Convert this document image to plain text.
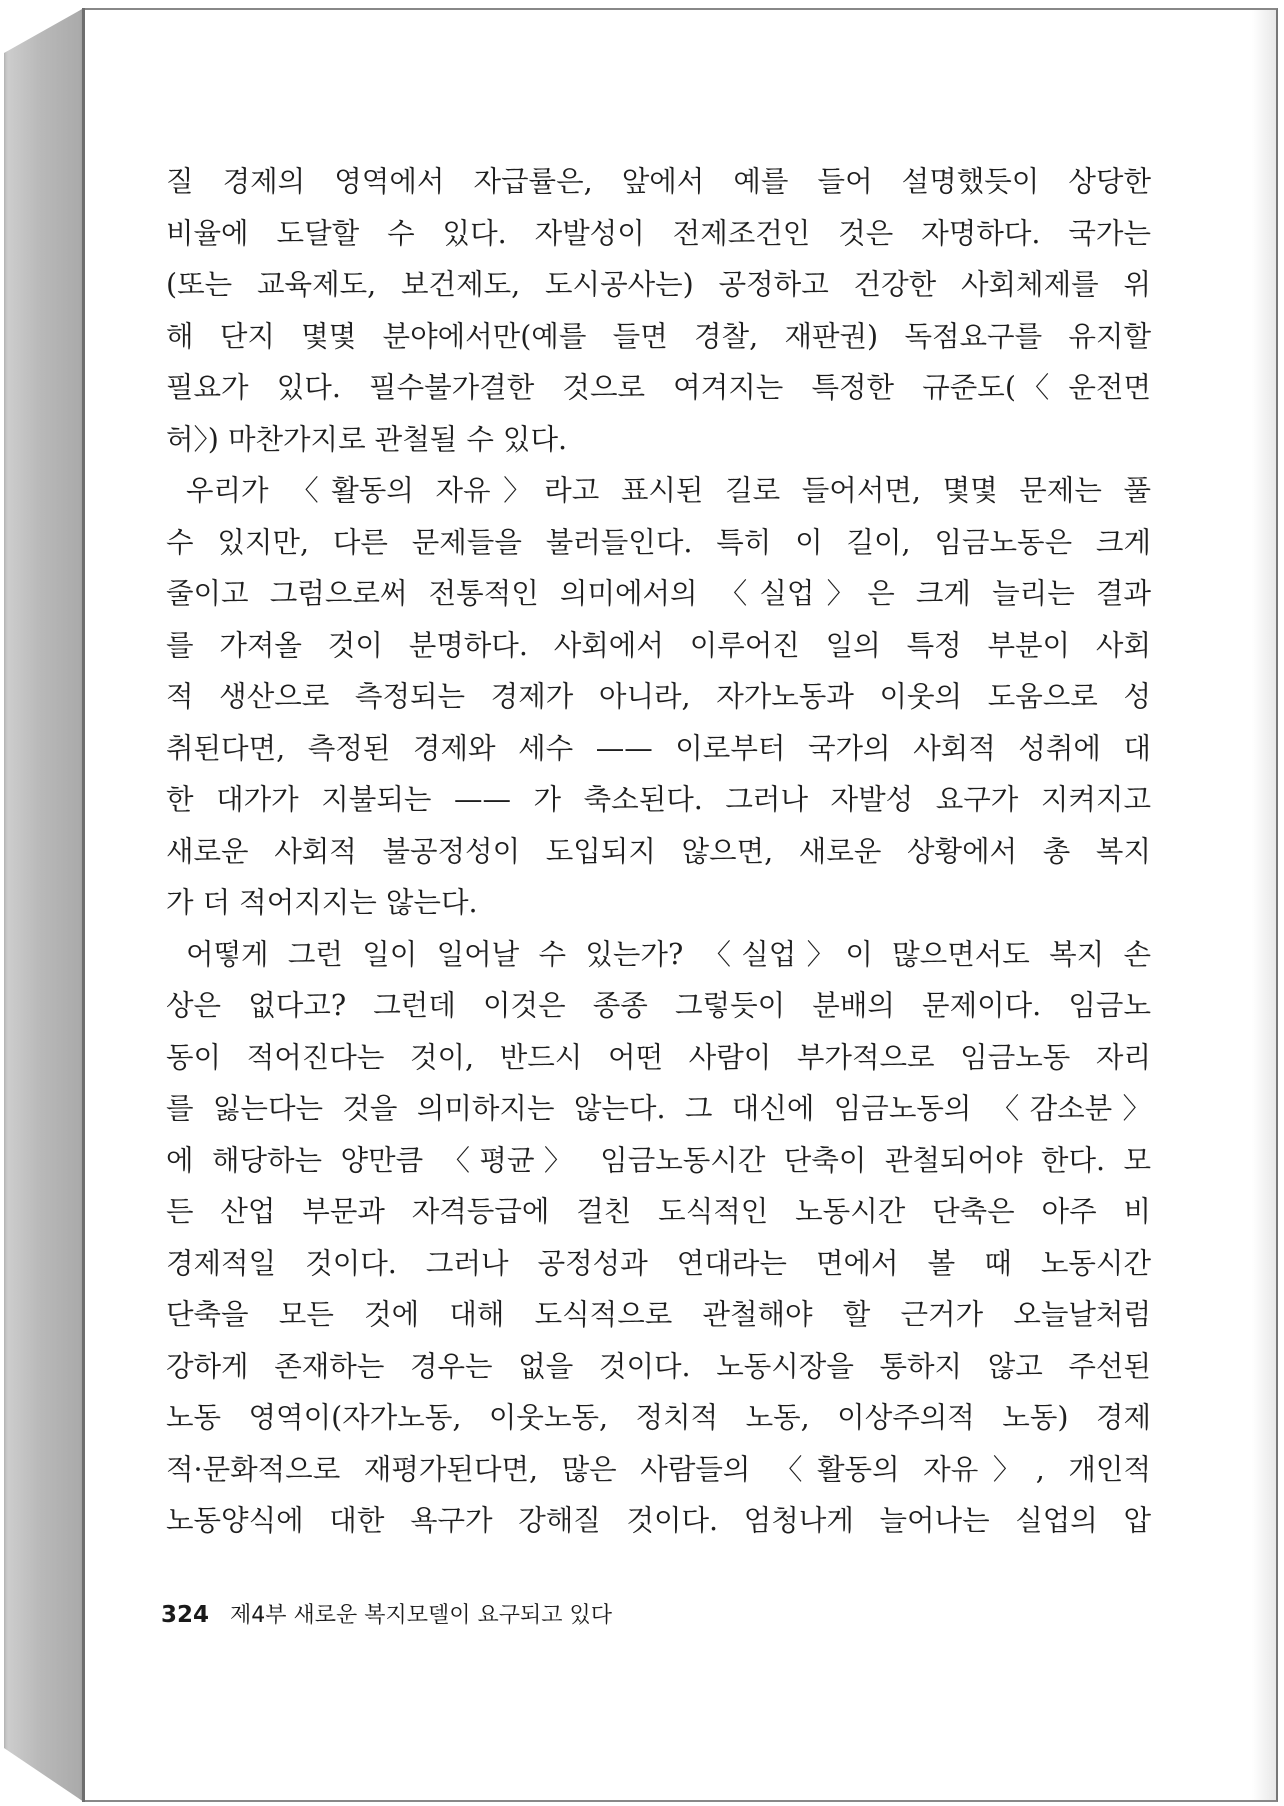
질 경제의 영역에서 자급률은, 앞에서 예를 들어 설명했듯이 상당한
비율에 도달할 수 있다. 자발성이 전제조건인 것은 자명하다. 국가는
(또는 교육제도, 보건제도, 도시공사는) 공정하고 건강한 사회체제를 위
해 단지 몇몇 분야에서만(예를 들면 경찰, 재판권) 독점요구를 유지할
필요가 있다. 필수불가결한 것으로 여겨지는 특정한 규준도(〈운전면
허〉) 마찬가지로 관철될 수 있다.
우리가 〈활동의 자유〉라고 표시된 길로 들어서면, 몇몇 문제는 풀
수 있지만, 다른 문제들을 불러들인다. 특히 이 길이, 임금노동은 크게
줄이고 그럼으로써 전통적인 의미에서의 〈실업〉은 크게 늘리는 결과
를 가져올 것이 분명하다. 사회에서 이루어진 일의 특정 부분이 사회
적 생산으로 측정되는 경제가 아니라, 자가노동과 이웃의 도움으로 성
취된다면, 측정된 경제와 세수 —— 이로부터 국가의 사회적 성취에 대
한 대가가 지불되는 —— 가 축소된다. 그러나 자발성 요구가 지켜지고
새로운 사회적 불공정성이 도입되지 않으면, 새로운 상황에서 총 복지
가 더 적어지지는 않는다.
어떻게 그런 일이 일어날 수 있는가? 〈실업〉이 많으면서도 복지 손
상은 없다고? 그런데 이것은 종종 그렇듯이 분배의 문제이다. 임금노
동이 적어진다는 것이, 반드시 어떤 사람이 부가적으로 임금노동 자리
를 잃는다는 것을 의미하지는 않는다. 그 대신에 임금노동의 〈감소분〉
에 해당하는 양만큼 〈평균〉 임금노동시간 단축이 관철되어야 한다. 모
든 산업 부문과 자격등급에 걸친 도식적인 노동시간 단축은 아주 비
경제적일 것이다. 그러나 공정성과 연대라는 면에서 볼 때 노동시간
단축을 모든 것에 대해 도식적으로 관철해야 할 근거가 오늘날처럼
강하게 존재하는 경우는 없을 것이다. 노동시장을 통하지 않고 주선된
노동 영역이(자가노동, 이웃노동, 정치적 노동, 이상주의적 노동) 경제
적·문화적으로 재평가된다면, 많은 사람들의 〈활동의 자유〉, 개인적
노동양식에 대한 욕구가 강해질 것이다. 엄청나게 늘어나는 실업의 압
324 제4부 새로운 복지모델이 요구되고 있다
